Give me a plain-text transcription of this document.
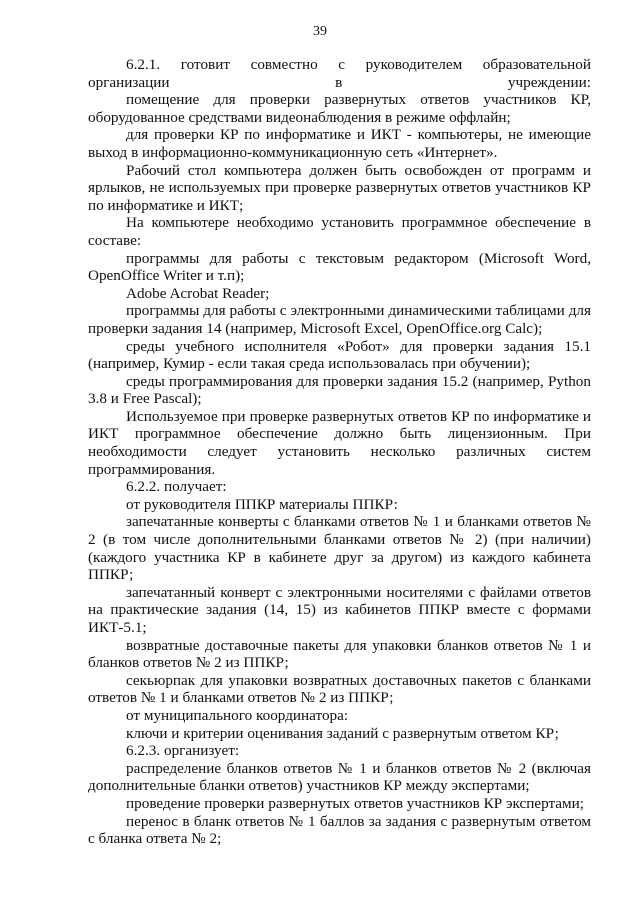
39

6.2.1. готовит совместно с руководителем образовательной организации в учреждении:

помещение для проверки развернутых ответов участников КР, оборудованное средствами видеонаблюдения в режиме оффлайн;

для проверки КР по информатике и ИКТ - компьютеры, не имеющие выход в информационно-коммуникационную сеть «Интернет».

Рабочий стол компьютера должен быть освобожден от программ и ярлыков, не используемых при проверке развернутых ответов участников КР по информатике и ИКТ;

На компьютере необходимо установить программное обеспечение в составе:

программы для работы с текстовым редактором (Microsoft Word, OpenOffice Writer и т.п);

Adobe Acrobat Reader;

программы для работы с электронными динамическими таблицами для проверки задания 14 (например, Microsoft Excel, OpenOffice.org Calc);

среды учебного исполнителя «Робот» для проверки задания 15.1 (например, Кумир - если такая среда использовалась при обучении);

среды программирования для проверки задания 15.2 (например, Python 3.8 и Free Pascal);

Используемое при проверке развернутых ответов КР по информатике и ИКТ программное обеспечение должно быть лицензионным. При необходимости следует установить несколько различных систем программирования.

6.2.2. получает:

от руководителя ППКР материалы ППКР:

запечатанные конверты с бланками ответов № 1 и бланками ответов № 2 (в том числе дополнительными бланками ответов № 2) (при наличии) (каждого участника КР в кабинете друг за другом) из каждого кабинета ППКР;

запечатанный конверт с электронными носителями с файлами ответов на практические задания (14, 15) из кабинетов ППКР вместе с формами ИКТ-5.1;

возвратные доставочные пакеты для упаковки бланков ответов № 1 и бланков ответов № 2 из ППКР;

секьюрпак для упаковки возвратных доставочных пакетов с бланками ответов № 1 и бланками ответов № 2 из ППКР;

от муниципального координатора:

ключи и критерии оценивания заданий с развернутым ответом КР;

6.2.3. организует:

распределение бланков ответов № 1 и бланков ответов № 2 (включая дополнительные бланки ответов) участников КР между экспертами;

проведение проверки развернутых ответов участников КР экспертами;

перенос в бланк ответов № 1 баллов за задания с развернутым ответом с бланка ответа № 2;
